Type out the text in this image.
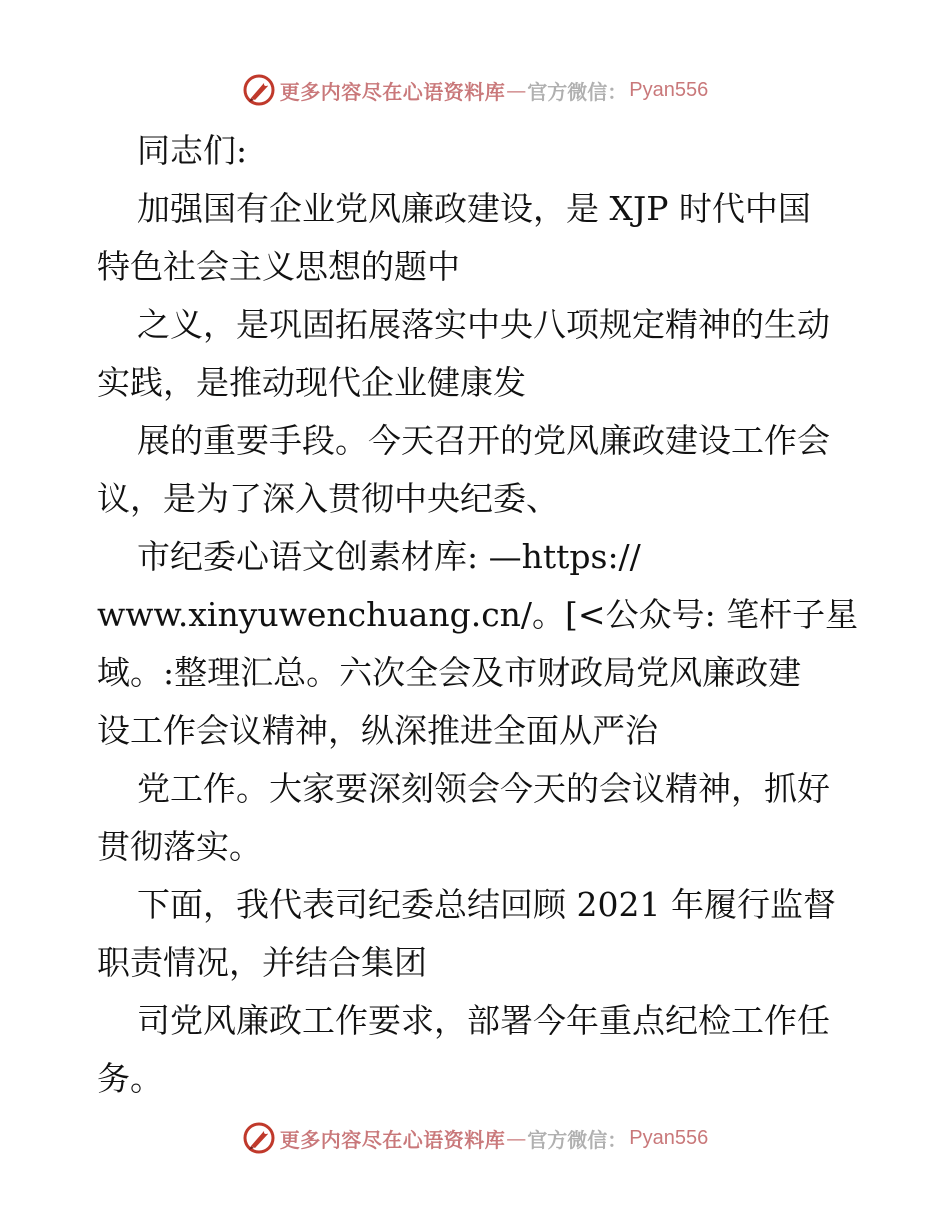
更多内容尽在心语资料库 — 官方微信： Pyan556
同志们:
加强国有企业党风廉政建设，是 XJP 时代中国
特色社会主义思想的题中
之义，是巩固拓展落实中央八项规定精神的生动
实践，是推动现代企业健康发
展的重要手段。今天召开的党风廉政建设工作会
议，是为了深入贯彻中央纪委、
市纪委心语文创素材库: —https://
www.xinyuwenchuang.cn/。[<公众号: 笔杆子星
域。:整理汇总。六次全会及市财政局党风廉政建
设工作会议精神，纵深推进全面从严治
党工作。大家要深刻领会今天的会议精神，抓好
贯彻落实。
下面，我代表司纪委总结回顾 2021 年履行监督
职责情况，并结合集团
司党风廉政工作要求，部署今年重点纪检工作任
务。
更多内容尽在心语资料库 — 官方微信： Pyan556
